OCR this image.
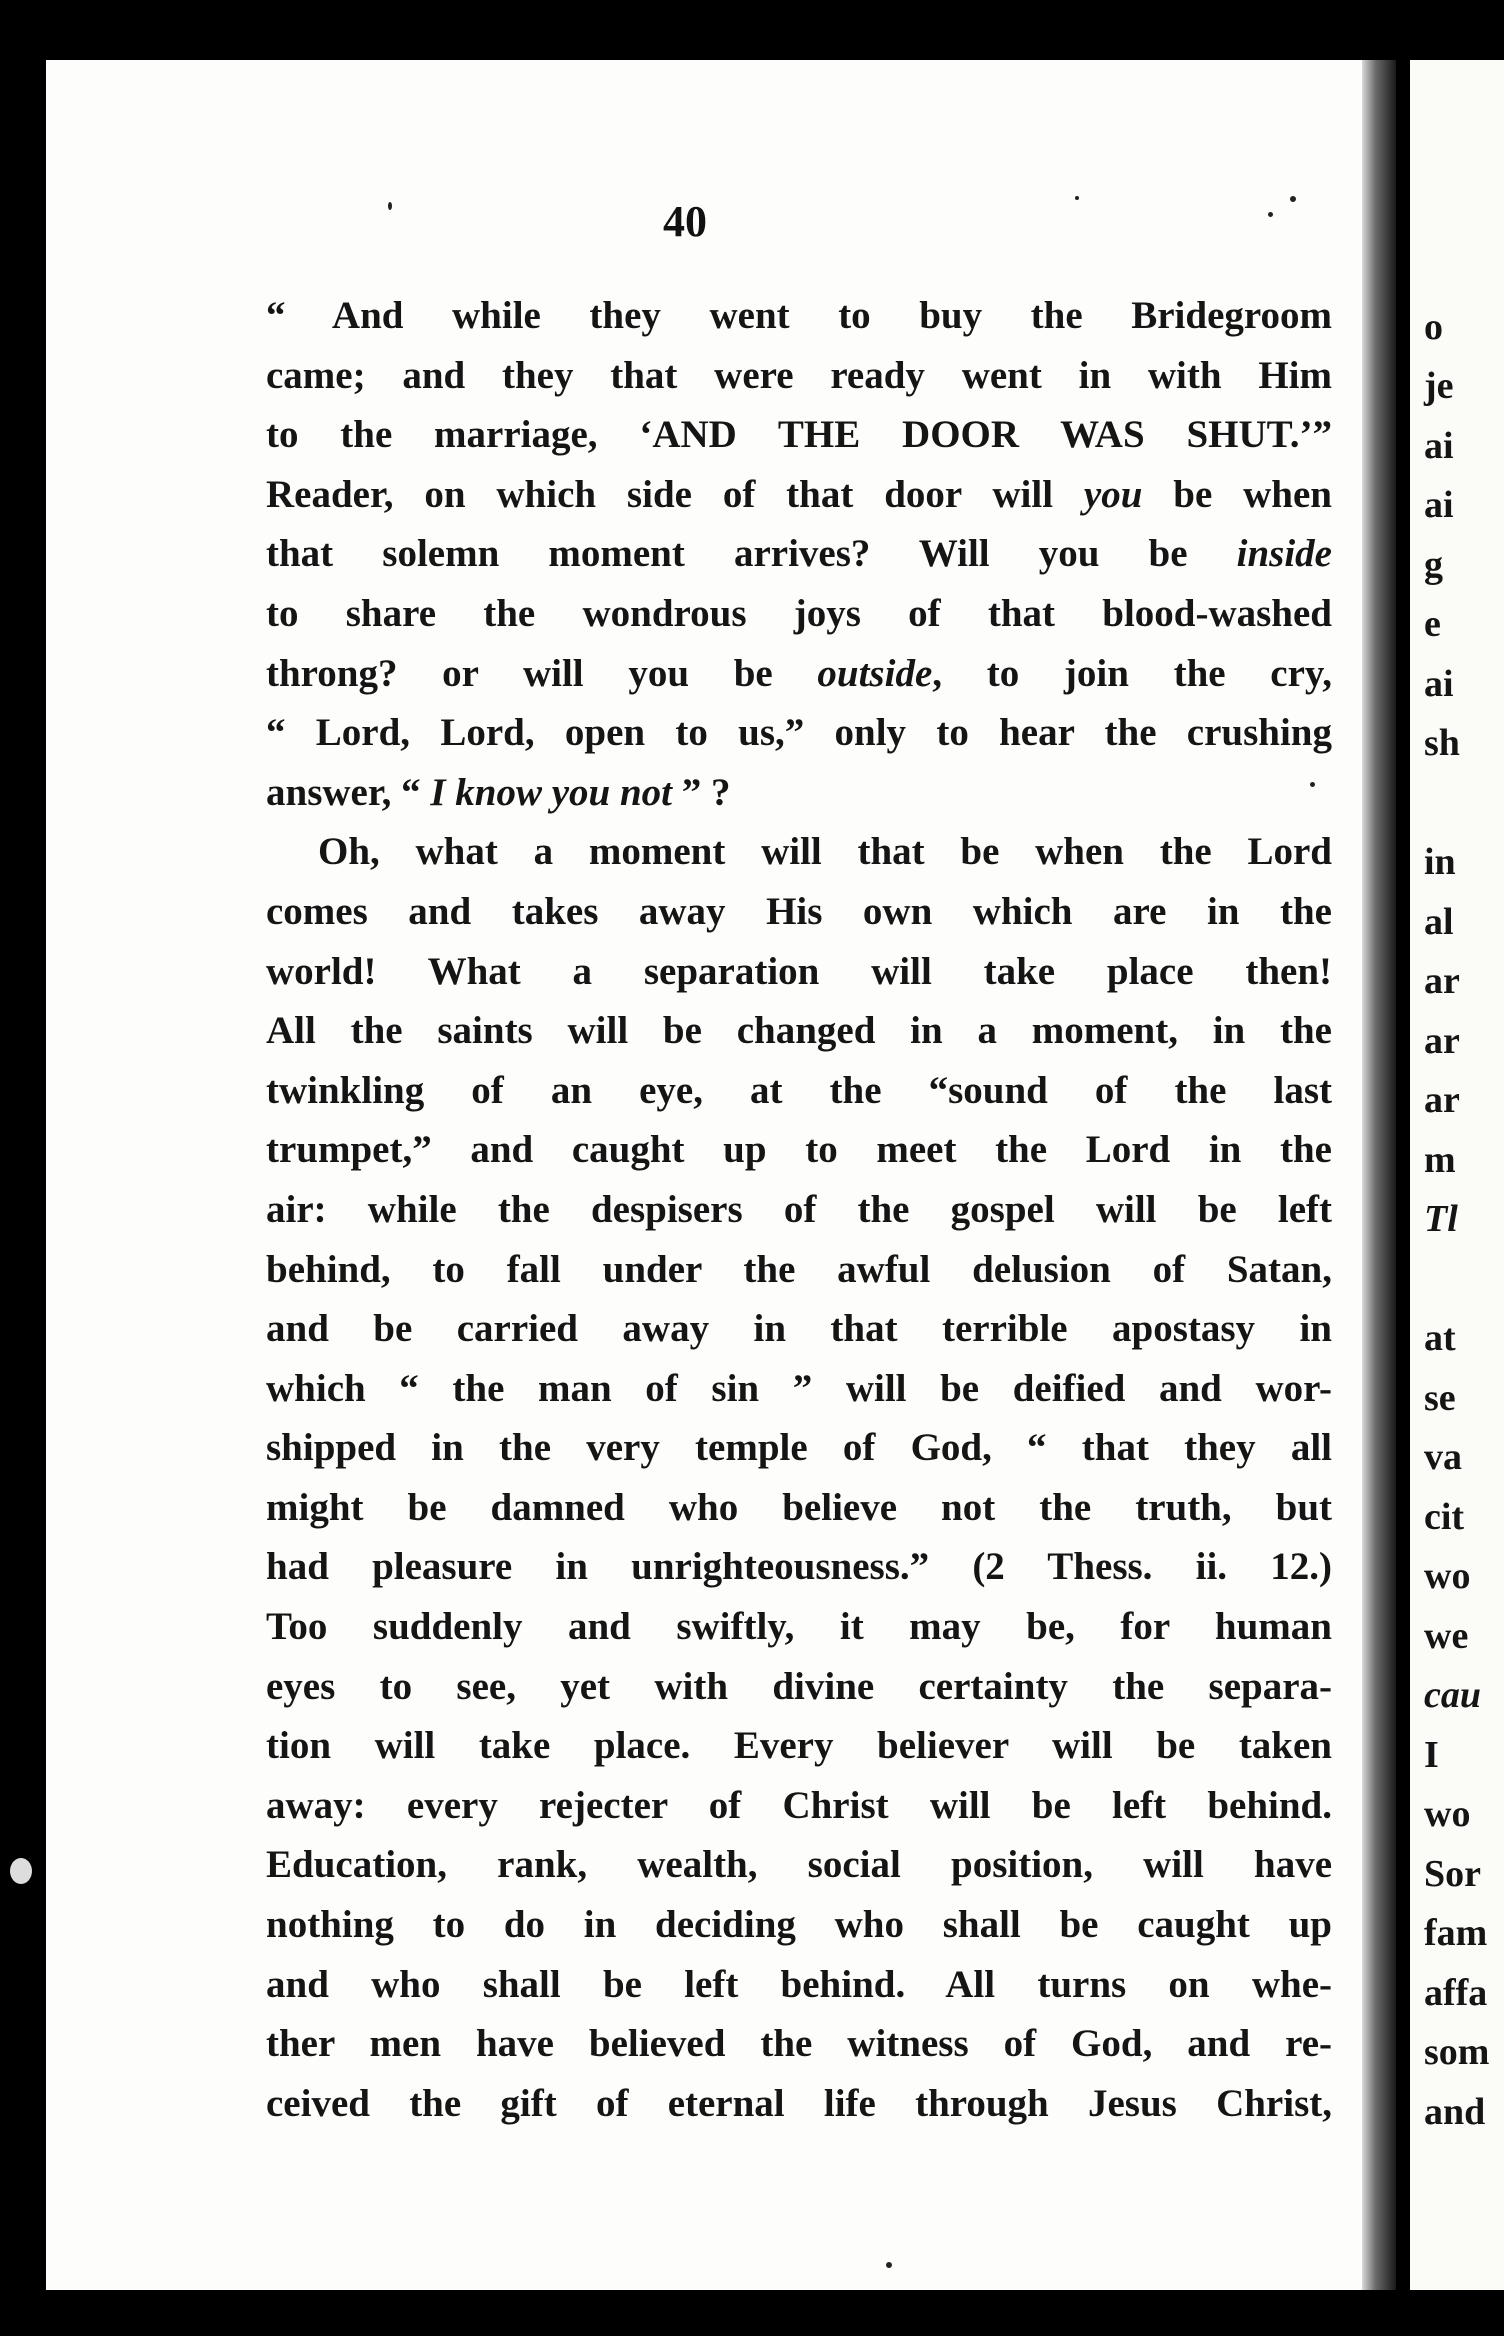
o
je
ai
ai
g
e
ai
sh
in
al
ar
ar
ar
m
Tl
at
se
va
cit
wo
we
cau
I
wo
Sor
fam
affa
som
and
40
“ And while they went to buy the Bridegroom
came; and they that were ready went in with Him
to the marriage, ‘AND THE DOOR WAS SHUT.’”
Reader, on which side of that door will you be when
that solemn moment arrives? Will you be inside
to share the wondrous joys of that blood-washed
throng? or will you be outside, to join the cry,
“ Lord, Lord, open to us,” only to hear the crushing
answer, “ I know you not ” ?
Oh, what a moment will that be when the Lord
comes and takes away His own which are in the
world! What a separation will take place then!
All the saints will be changed in a moment, in the
twinkling of an eye, at the “sound of the last
trumpet,” and caught up to meet the Lord in the
air: while the despisers of the gospel will be left
behind, to fall under the awful delusion of Satan,
and be carried away in that terrible apostasy in
which “ the man of sin ” will be deified and wor-
shipped in the very temple of God, “ that they all
might be damned who believe not the truth, but
had pleasure in unrighteousness.” (2 Thess. ii. 12.)
Too suddenly and swiftly, it may be, for human
eyes to see, yet with divine certainty the separa-
tion will take place. Every believer will be taken
away: every rejecter of Christ will be left behind.
Education, rank, wealth, social position, will have
nothing to do in deciding who shall be caught up
and who shall be left behind. All turns on whe-
ther men have believed the witness of God, and re-
ceived the gift of eternal life through Jesus Christ,
